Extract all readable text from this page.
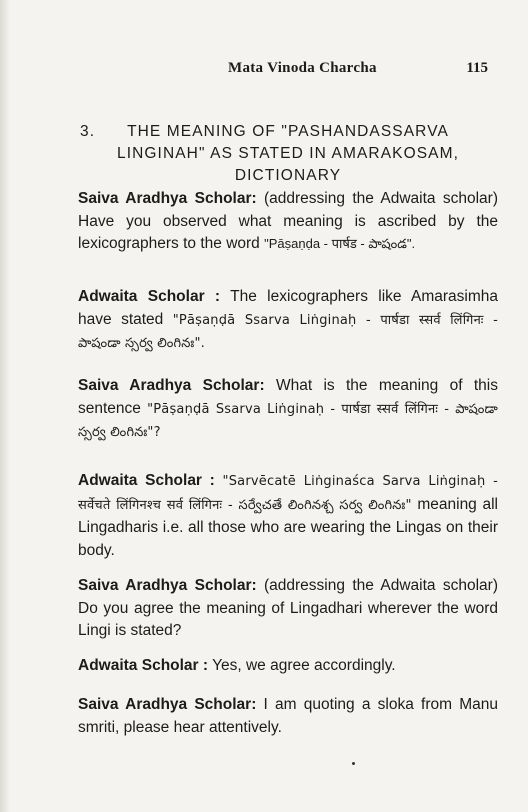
Mata Vinoda Charcha	115
3.	THE MEANING OF "PASHANDASSARVA
LINGINAH" AS STATED IN AMARAKOSAM,
DICTIONARY

Saiva Aradhya Scholar: (addressing the Adwaita scholar) Have you observed what meaning is ascribed by the lexicographers to the word "Pāṣaṇḍa - पार्षड - పాషండ".

Adwaita Scholar : The lexicographers like Amarasimha have stated "Pāṣaṇḍā Ssarva Liṅginaḥ - पार्षडा स्सर्व लिंगिनः - పాషండా స్సర్వ లింగినః".

Saiva Aradhya Scholar: What is the meaning of this sentence "Pāṣaṇḍā Ssarva Liṅginaḥ - पार्षडा स्सर्व लिंगिनः - పాషండా స్సర్వ లింగినః"?

Adwaita Scholar : "Sarvēcatē Liṅginaśca Sarva Liṅginaḥ - सर्वेचते लिंगिनश्च सर्व लिंगिनः - సర్వేచతే లింగినశ్చ సర్వ లింగినః" meaning all Lingadharis i.e. all those who are wearing the Lingas on their body.

Saiva Aradhya Scholar: (addressing the Adwaita scholar) Do you agree the meaning of Lingadhari wherever the word Lingi is stated?

Adwaita Scholar : Yes, we agree accordingly.

Saiva Aradhya Scholar: I am quoting a sloka from Manu smriti, please hear attentively.
